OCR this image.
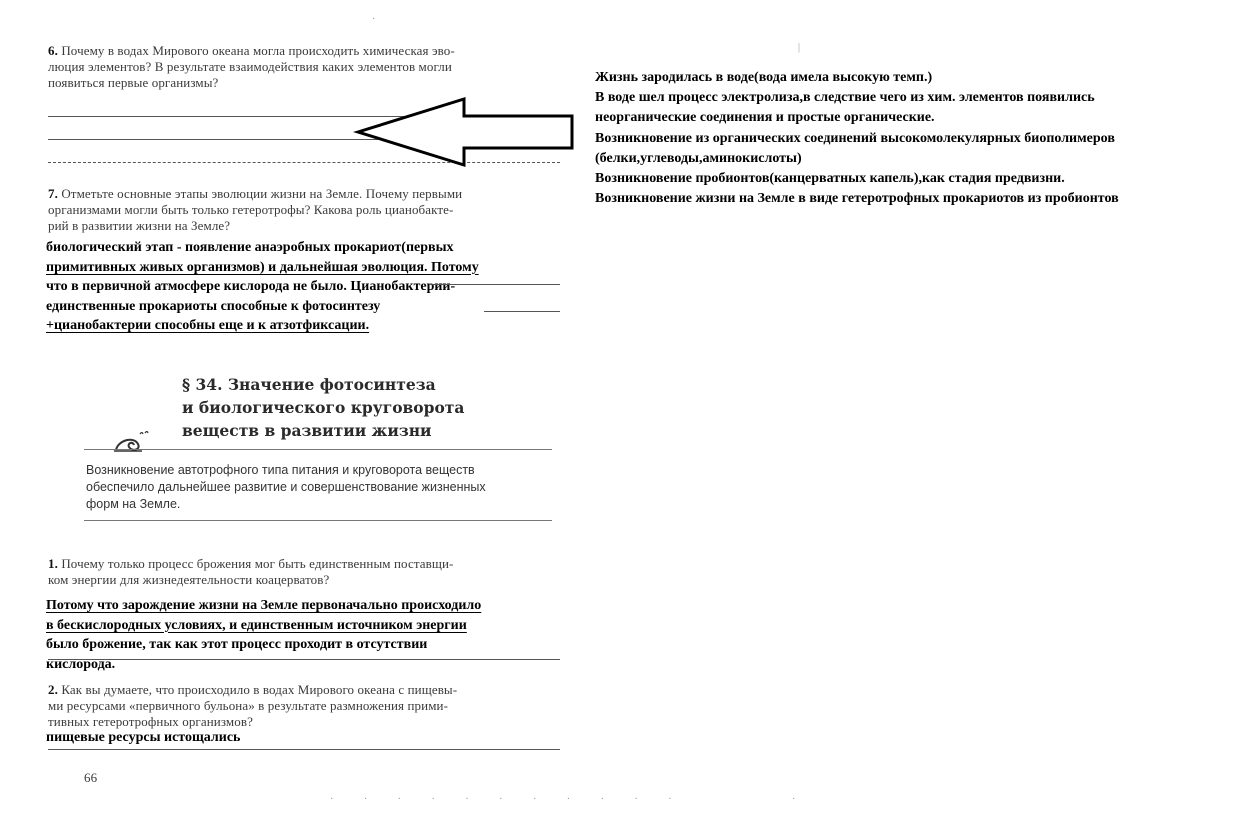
6. Почему в водах Мирового океана могла происходить химическая эво-
люция элементов? В результате взаимодействия каких элементов могли
появиться первые организмы?
7. Отметьте основные этапы эволюции жизни на Земле. Почему первыми
организмами могли быть только гетеротрофы? Какова роль цианобакте-
рий в развитии жизни на Земле?
биологический этап - появление анаэробных прокариот(первых
примитивных живых организмов) и дальнейшая эволюция. Потому
что в первичной атмосфере кислорода не было. Цианобактерии-
единственные прокариоты способные к фотосинтезу
+цианобактерии способны еще и к атзотфиксации.
§ 34. Значение фотосинтеза
и биологического круговорота
веществ в развитии жизни
Возникновение автотрофного типа питания и круговорота веществ
обеспечило дальнейшее развитие и совершенствование жизненных
форм на Земле.
1. Почему только процесс брожения мог быть единственным поставщи-
ком энергии для жизнедеятельности коацерватов?
Потому что зарождение жизни на Земле первоначально происходило
в бескислородных условиях, и единственным источником энергии
было брожение, так как этот процесс проходит в отсутствии
кислорода.
2. Как вы думаете, что происходило в водах Мирового океана с пищевы-
ми ресурсами «первичного бульона» в результате размножения прими-
тивных гетеротрофных организмов?
пищевые ресурсы истощались
66
·
|
· · · · · · · · · · ·	·
Жизнь зародилась в воде(вода имела высокую темп.)
В воде шел процесс электролиза,в следствие чего из хим. элементов появились
неорганические соединения и простые органические.
Возникновение из органических соединений высокомолекулярных биополимеров
(белки,углеводы,аминокислоты)
Возникновение пробионтов(канцерватных капель),как стадия предвизни.
Возникновение жизни на Земле в виде гетеротрофных прокариотов из пробионтов
